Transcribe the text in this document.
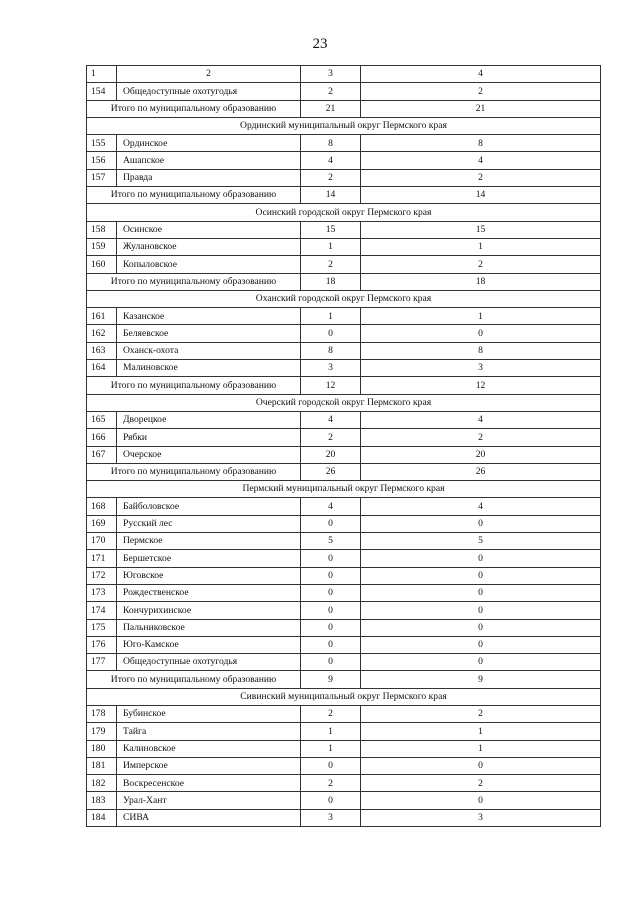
23
1	2	3	4
154	Общедоступные охотугодья	2	2
Итого по муниципальному образованию		21	21
Ординский муниципальный округ Пермского края			
155	Ординское	8	8
156	Ашапское	4	4
157	Правда	2	2
Итого по муниципальному образованию		14	14
Осинский городской округ Пермского края			
158	Осинское	15	15
159	Жулановское	1	1
160	Копыловское	2	2
Итого по муниципальному образованию		18	18
Оханский городской округ Пермского края			
161	Казанское	1	1
162	Беляевское	0	0
163	Оханск-охота	8	8
164	Малиновское	3	3
Итого по муниципальному образованию		12	12
Очерский городской округ Пермского края			
165	Дворецкое	4	4
166	Рябки	2	2
167	Очерское	20	20
Итого по муниципальному образованию		26	26
Пермский муниципальный округ Пермского края			
168	Байболовское	4	4
169	Русский лес	0	0
170	Пермское	5	5
171	Бершетское	0	0
172	Юговское	0	0
173	Рождественское	0	0
174	Кончурихинское	0	0
175	Пальниковское	0	0
176	Юго-Камское	0	0
177	Общедоступные охотугодья	0	0
Итого по муниципальному образованию		9	9
Сивинский муниципальный округ Пермского края			
178	Бубинское	2	2
179	Тайга	1	1
180	Калиновское	1	1
181	Имперское	0	0
182	Воскресенское	2	2
183	Урал-Хант	0	0
184	СИВА	3	3
